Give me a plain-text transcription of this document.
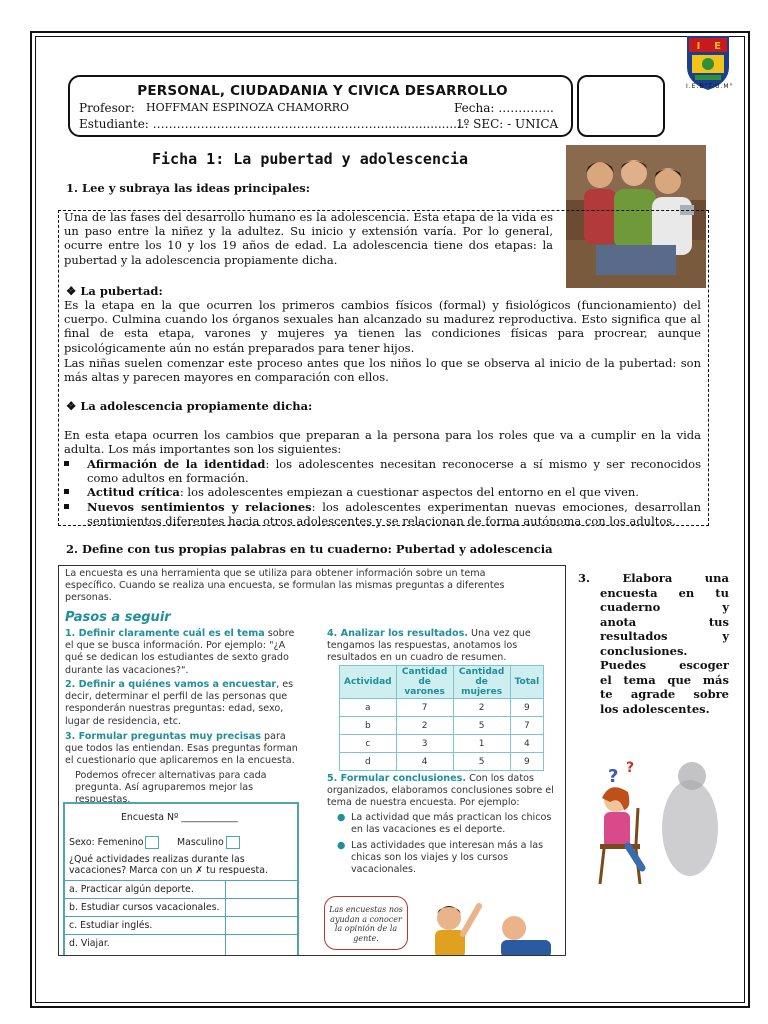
PERSONAL, CIUDADANIA Y CIVICA DESARROLLO
Profesor: HOFFMAN ESPINOZA CHAMORRO	Fecha: …………..
Estudiante: ………………………………………………….......................
1º SEC: - UNICA
I E
I.E.B"T.U.M"
Ficha 1: La pubertad y adolescencia
1. Lee y subraya las ideas principales:
Una de las fases del desarrollo humano es la adolescencia. Esta etapa de la vida es un paso entre la niñez y la adultez. Su inicio y extensión varía. Por lo general, ocurre entre los 10 y los 19 años de edad. La adolescencia tiene dos etapas: la pubertad y la adolescencia propiamente dicha.
❖ La pubertad:
Es la etapa en la que ocurren los primeros cambios físicos (formal) y fisiológicos (funcionamiento) del cuerpo. Culmina cuando los órganos sexuales han alcanzado su madurez reproductiva. Esto significa que al final de esta etapa, varones y mujeres ya tienen las condiciones físicas para procrear, aunque psicológicamente aún no están preparados para tener hijos.
Las niñas suelen comenzar este proceso antes que los niños lo que se observa al inicio de la pubertad: son más altas y parecen mayores en comparación con ellos.
❖ La adolescencia propiamente dicha:
En esta etapa ocurren los cambios que preparan a la persona para los roles que va a cumplir en la vida adulta. Los más importantes son los siguientes:
Afirmación de la identidad: los adolescentes necesitan reconocerse a sí mismo y ser reconocidos como adultos en formación.
Actitud crítica: los adolescentes empiezan a cuestionar aspectos del entorno en el que viven.
Nuevos sentimientos y relaciones: los adolescentes experimentan nuevas emociones, desarrollan sentimientos diferentes hacia otros adolescentes y se relacionan de forma autónoma con los adultos.
2. Define con tus propias palabras en tu cuaderno: Pubertad y adolescencia
La encuesta es una herramienta que se utiliza para obtener información sobre un tema específico. Cuando se realiza una encuesta, se formulan las mismas preguntas a diferentes personas.
Pasos a seguir
1. Definir claramente cuál es el tema sobre el que se busca información. Por ejemplo: "¿A qué se dedican los estudiantes de sexto grado durante las vacaciones?".
2. Definir a quiénes vamos a encuestar, es decir, determinar el perfil de las personas que responderán nuestras preguntas: edad, sexo, lugar de residencia, etc.
3. Formular preguntas muy precisas para que todos las entiendan. Esas preguntas forman el cuestionario que aplicaremos en la encuesta.
Podemos ofrecer alternativas para cada pregunta. Así agruparemos mejor las respuestas.
4. Analizar los resultados. Una vez que tengamos las respuestas, anotamos los resultados en un cuadro de resumen.
Actividad	Cantidad de varones	Cantidad de mujeres	Total
a	7	2	9
b	2	5	7
c	3	1	4
d	4	5	9
5. Formular conclusiones. Con los datos organizados, elaboramos conclusiones sobre el tema de nuestra encuesta. Por ejemplo:
● La actividad que más practican los chicos en las vacaciones es el deporte.
● Las actividades que interesan más a las chicas son los viajes y los cursos vacacionales.
Encuesta Nº ____________
Sexo: Femenino	Masculino
¿Qué actividades realizas durante las vacaciones? Marca con un ✗ tu respuesta.
a. Practicar algún deporte.
b. Estudiar cursos vacacionales.
c. Estudiar inglés.
d. Viajar.
Las encuestas nos ayudan a conocer la opinión de la gente.
3.	Elabora	una
encuesta en tu
cuaderno	y
anota	tus
resultados	y
conclusiones.
Puedes	escoger
el tema que más
te agrade sobre
los adolescentes.
? ?
